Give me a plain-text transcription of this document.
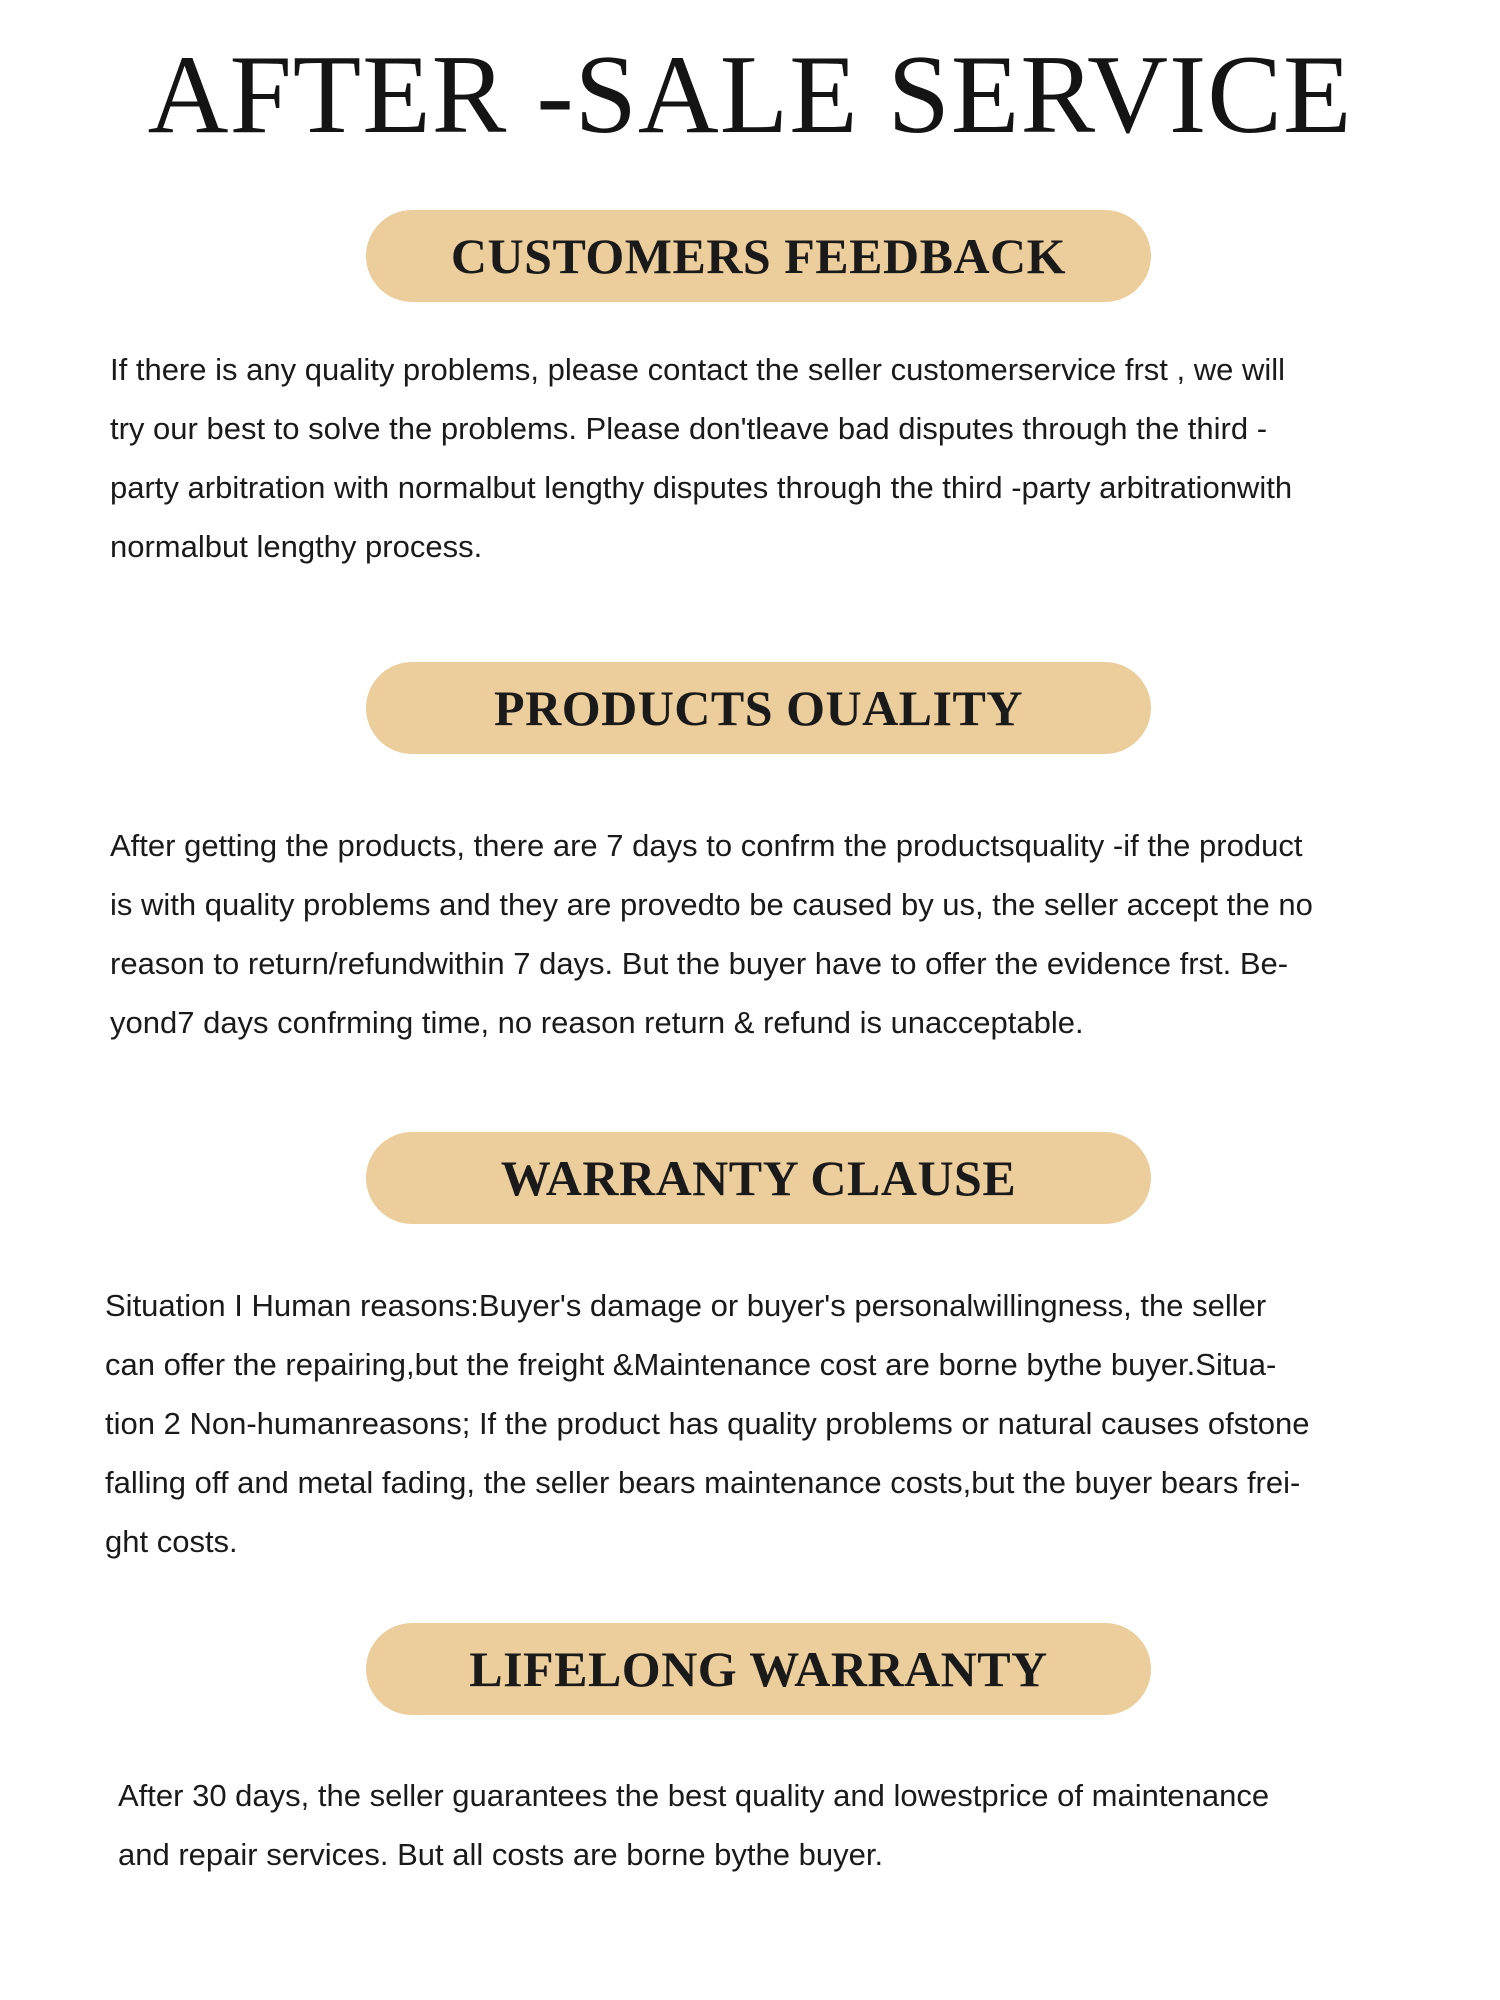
AFTER -SALE SERVICE
CUSTOMERS FEEDBACK

If there is any quality problems, please contact the seller customerservice frst , we will
try our best to solve the problems. Please don'tleave bad disputes through the third -
party arbitration with normalbut lengthy disputes through the third -party arbitrationwith
normalbut lengthy process.

PRODUCTS OUALITY

After getting the products, there are 7 days to confrm the productsquality -if the product
is with quality problems and they are provedto be caused by us, the seller accept the no
reason to return/refundwithin 7 days. But the buyer have to offer the evidence frst. Be-
yond7 days confrming time, no reason return & refund is unacceptable.

WARRANTY CLAUSE

Situation I Human reasons:Buyer's damage or buyer's personalwillingness, the seller
can offer the repairing,but the freight &Maintenance cost are borne bythe buyer.Situa-
tion 2 Non-humanreasons; If the product has quality problems or natural causes ofstone
falling off and metal fading, the seller bears maintenance costs,but the buyer bears frei-
ght costs.

LIFELONG WARRANTY

After 30 days, the seller guarantees the best quality and lowestprice of maintenance
and repair services. But all costs are borne bythe buyer.
